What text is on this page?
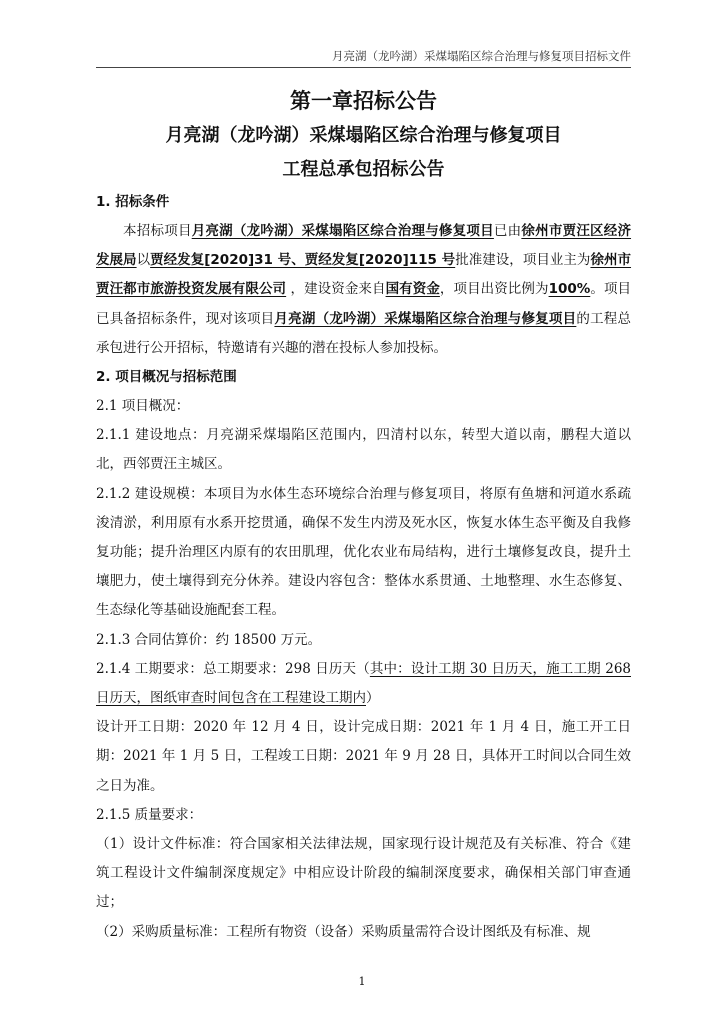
月亮湖（龙吟湖）采煤塌陷区综合治理与修复项目招标文件
第一章招标公告
月亮湖（龙吟湖）采煤塌陷区综合治理与修复项目
工程总承包招标公告
1. 招标条件
本招标项目月亮湖（龙吟湖）采煤塌陷区综合治理与修复项目已由徐州市贾汪区经济发展局以贾经发复[2020]31 号、贾经发复[2020]115 号批准建设，项目业主为徐州市贾汪都市旅游投资发展有限公司 ，建设资金来自国有资金，项目出资比例为100%。项目已具备招标条件，现对该项目月亮湖（龙吟湖）采煤塌陷区综合治理与修复项目的工程总承包进行公开招标，特邀请有兴趣的潜在投标人参加投标。
2. 项目概况与招标范围
2.1 项目概况：
2.1.1 建设地点：月亮湖采煤塌陷区范围内，四清村以东，转型大道以南，鹏程大道以北，西邻贾汪主城区。
2.1.2 建设规模：本项目为水体生态环境综合治理与修复项目，将原有鱼塘和河道水系疏浚清淤，利用原有水系开挖贯通，确保不发生内涝及死水区，恢复水体生态平衡及自我修复功能；提升治理区内原有的农田肌理，优化农业布局结构，进行土壤修复改良，提升土壤肥力，使土壤得到充分休养。建设内容包含：整体水系贯通、土地整理、水生态修复、生态绿化等基础设施配套工程。
2.1.3 合同估算价：约 18500 万元。
2.1.4 工期要求：总工期要求：298 日历天（其中：设计工期 30 日历天，施工工期 268 日历天，图纸审查时间包含在工程建设工期内）
设计开工日期：2020 年 12 月 4 日，设计完成日期：2021 年 1 月 4 日，施工开工日期：2021 年 1 月 5 日，工程竣工日期：2021 年 9 月 28 日，具体开工时间以合同生效之日为准。
2.1.5 质量要求：
（1）设计文件标准：符合国家相关法律法规，国家现行设计规范及有关标准、符合《建筑工程设计文件编制深度规定》中相应设计阶段的编制深度要求，确保相关部门审查通过；
（2）采购质量标准：工程所有物资（设备）采购质量需符合设计图纸及有标准、规
1
